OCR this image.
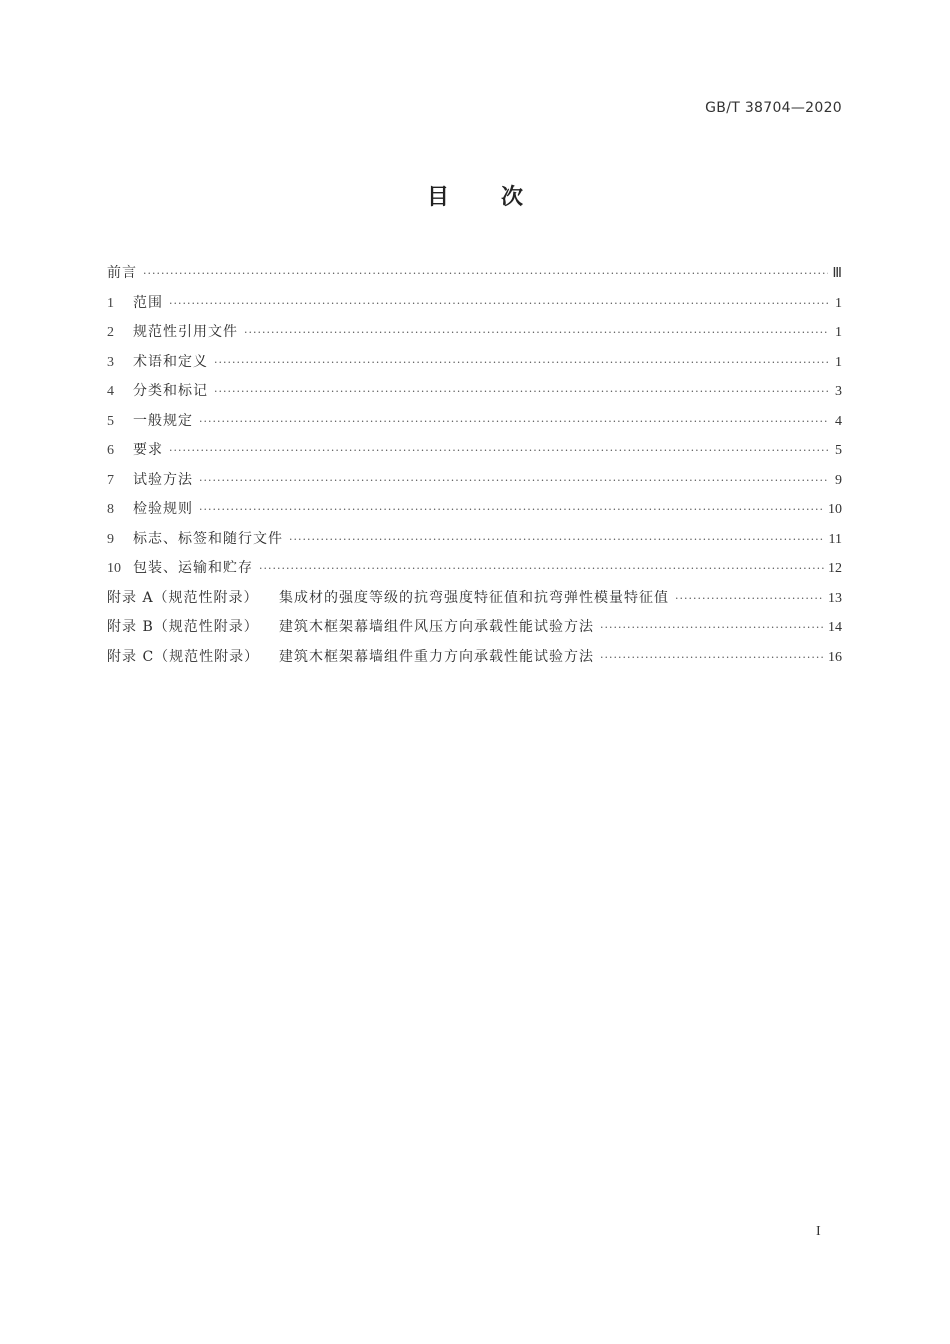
GB/T 38704—2020
目次
前言 ·····	Ⅲ
1	范围 ·····	1
2	规范性引用文件 ·····	1
3	术语和定义 ·····	1
4	分类和标记 ·····	3
5	一般规定 ·····	4
6	要求 ·····	5
7	试验方法 ·····	9
8	检验规则 ·····	10
9	标志、标签和随行文件 ·····	11
10 包装、运输和贮存 ·····	12
附录 A（规范性附录）	集成材的强度等级的抗弯强度特征值和抗弯弹性模量特征值 ·····	13
附录 B（规范性附录）	建筑木框架幕墙组件风压方向承载性能试验方法 ·····	14
附录 C（规范性附录）	建筑木框架幕墙组件重力方向承载性能试验方法 ·····	16
I
